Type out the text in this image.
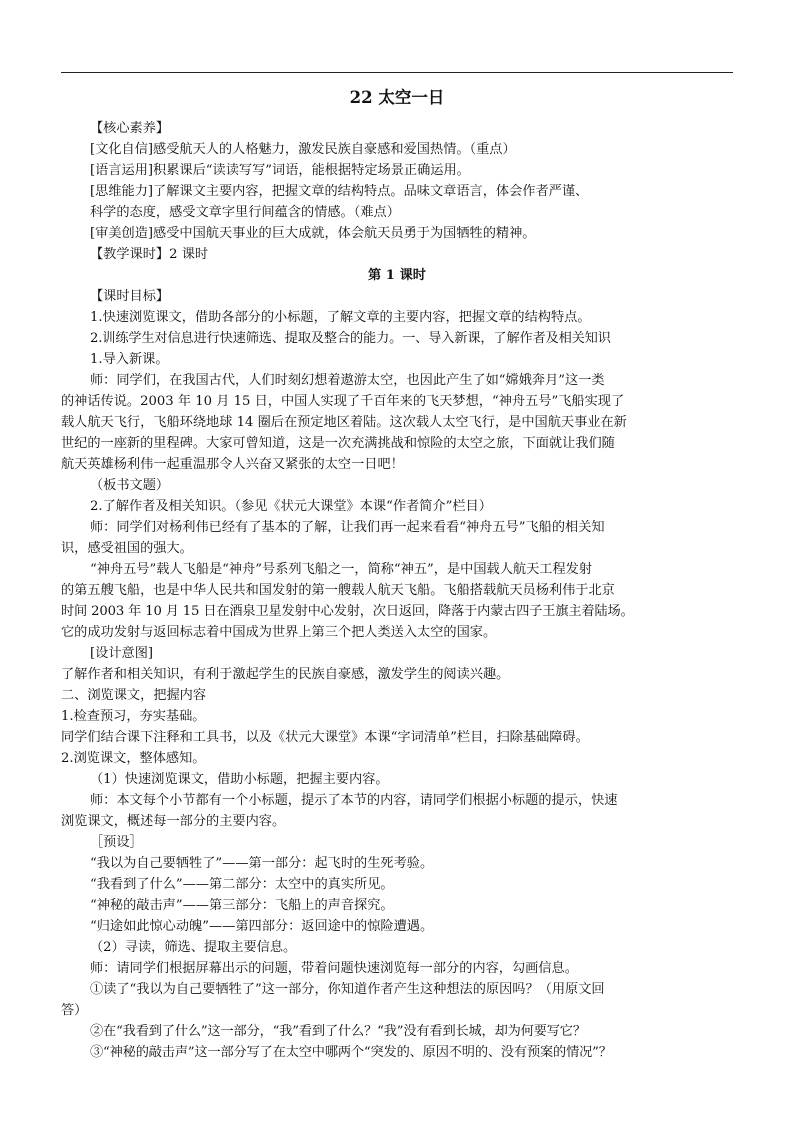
22 太空一日
【核心素养】
[文化自信]感受航天人的人格魅力，激发民族自豪感和爱国热情。（重点）
[语言运用]积累课后“读读写写”词语，能根据特定场景正确运用。
[思维能力]了解课文主要内容，把握文章的结构特点。品味文章语言，体会作者严谨、
科学的态度，感受文章字里行间蕴含的情感。（难点）
[审美创造]感受中国航天事业的巨大成就，体会航天员勇于为国牺牲的精神。
【教学课时】2 课时
第 1 课时
【课时目标】
1.快速浏览课文，借助各部分的小标题，了解文章的主要内容，把握文章的结构特点。
2.训练学生对信息进行快速筛选、提取及整合的能力。一、导入新课，了解作者及相关知识
1.导入新课。
师：同学们，在我国古代，人们时刻幻想着遨游太空，也因此产生了如“嫦娥奔月”这一类
的神话传说。2003 年 10 月 15 日，中国人实现了千百年来的飞天梦想，“神舟五号”飞船实现了
载人航天飞行，飞船环绕地球 14 圈后在预定地区着陆。这次载人太空飞行，是中国航天事业在新
世纪的一座新的里程碑。大家可曾知道，这是一次充满挑战和惊险的太空之旅，下面就让我们随
航天英雄杨利伟一起重温那令人兴奋又紧张的太空一日吧！
（板书文题）
2.了解作者及相关知识。（参见《状元大课堂》本课“作者简介”栏目）
师：同学们对杨利伟已经有了基本的了解，让我们再一起来看看“神舟五号”飞船的相关知
识，感受祖国的强大。
“神舟五号”载人飞船是“神舟”号系列飞船之一，简称“神五”，是中国载人航天工程发射
的第五艘飞船，也是中华人民共和国发射的第一艘载人航天飞船。飞船搭载航天员杨利伟于北京
时间 2003 年 10 月 15 日在酒泉卫星发射中心发射，次日返回，降落于内蒙古四子王旗主着陆场。
它的成功发射与返回标志着中国成为世界上第三个把人类送入太空的国家。
[设计意图]
了解作者和相关知识，有利于激起学生的民族自豪感，激发学生的阅读兴趣。
二、浏览课文，把握内容
1.检查预习，夯实基础。
同学们结合课下注释和工具书，以及《状元大课堂》本课“字词清单”栏目，扫除基础障碍。
2.浏览课文，整体感知。
（1）快速浏览课文，借助小标题，把握主要内容。
师：本文每个小节都有一个小标题，提示了本节的内容，请同学们根据小标题的提示，快速
浏览课文，概述每一部分的主要内容。
［预设］
“我以为自己要牺牲了”——第一部分：起飞时的生死考验。
“我看到了什么”——第二部分：太空中的真实所见。
“神秘的敲击声”——第三部分：飞船上的声音探究。
“归途如此惊心动魄”——第四部分：返回途中的惊险遭遇。
（2）寻读，筛选、提取主要信息。
师：请同学们根据屏幕出示的问题，带着问题快速浏览每一部分的内容，勾画信息。
①读了“我以为自己要牺牲了”这一部分，你知道作者产生这种想法的原因吗？（用原文回
答）
②在“我看到了什么”这一部分，“我”看到了什么？“我”没有看到长城，却为何要写它？
③“神秘的敲击声”这一部分写了在太空中哪两个“突发的、原因不明的、没有预案的情况”？
